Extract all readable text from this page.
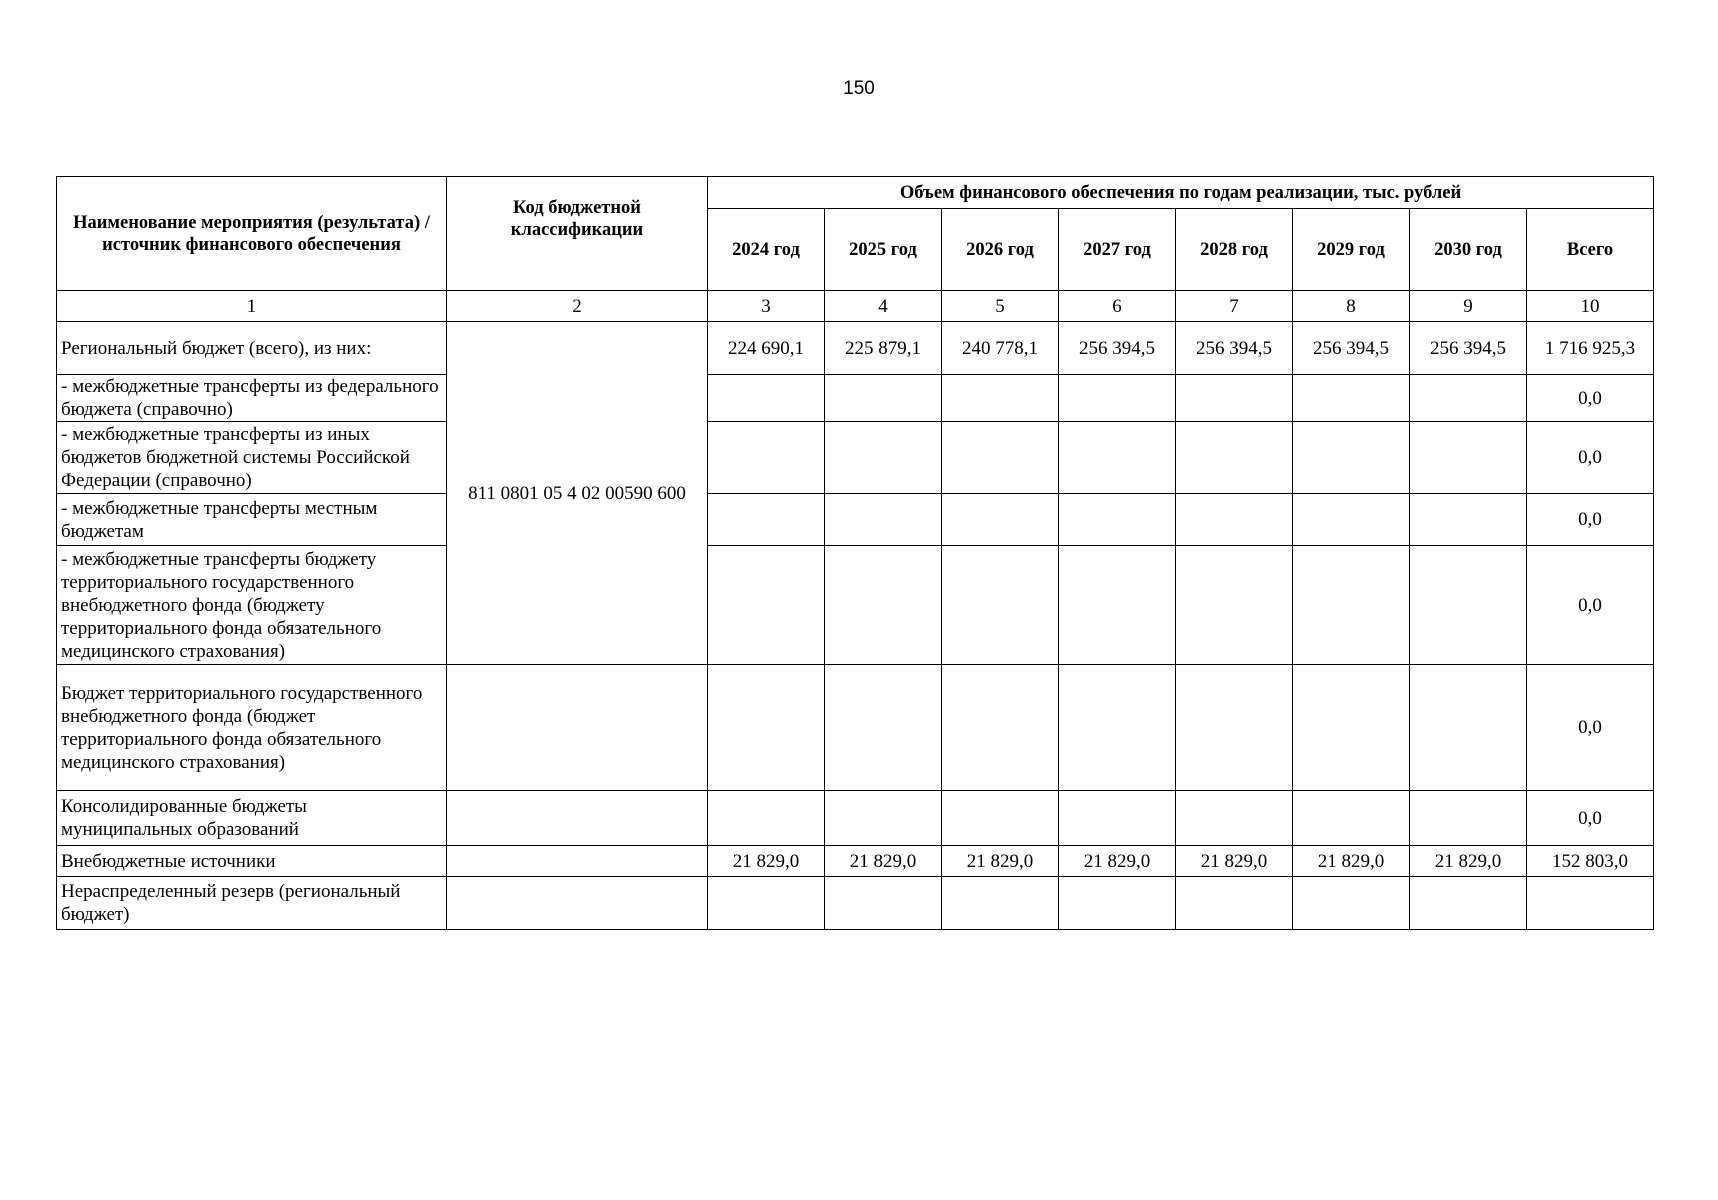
150
Наименование мероприятия (результата) / источник финансового обеспечения	Код бюджетной классификации	Объем финансового обеспечения по годам реализации, тыс. рублей							
		2024 год	2025 год	2026 год	2027 год	2028 год	2029 год	2030 год	Всего
1	2	3	4	5	6	7	8	9	10
Региональный бюджет (всего), из них:	811 0801 05 4 02 00590 600	224 690,1	225 879,1	240 778,1	256 394,5	256 394,5	256 394,5	256 394,5	1 716 925,3
- межбюджетные трансферты из федерального бюджета (справочно)									0,0
- межбюджетные трансферты из иных бюджетов бюджетной системы Российской Федерации (справочно)									0,0
- межбюджетные трансферты местным бюджетам									0,0
- межбюджетные трансферты бюджету территориального государственного внебюджетного фонда (бюджету территориального фонда обязательного медицинского страхования)									0,0
Бюджет территориального государственного внебюджетного фонда (бюджет территориального фонда обязательного медицинского страхования)									0,0
Консолидированные бюджеты муниципальных образований									0,0
Внебюджетные источники		21 829,0	21 829,0	21 829,0	21 829,0	21 829,0	21 829,0	21 829,0	152 803,0
Нераспределенный резерв (региональный бюджет)									
